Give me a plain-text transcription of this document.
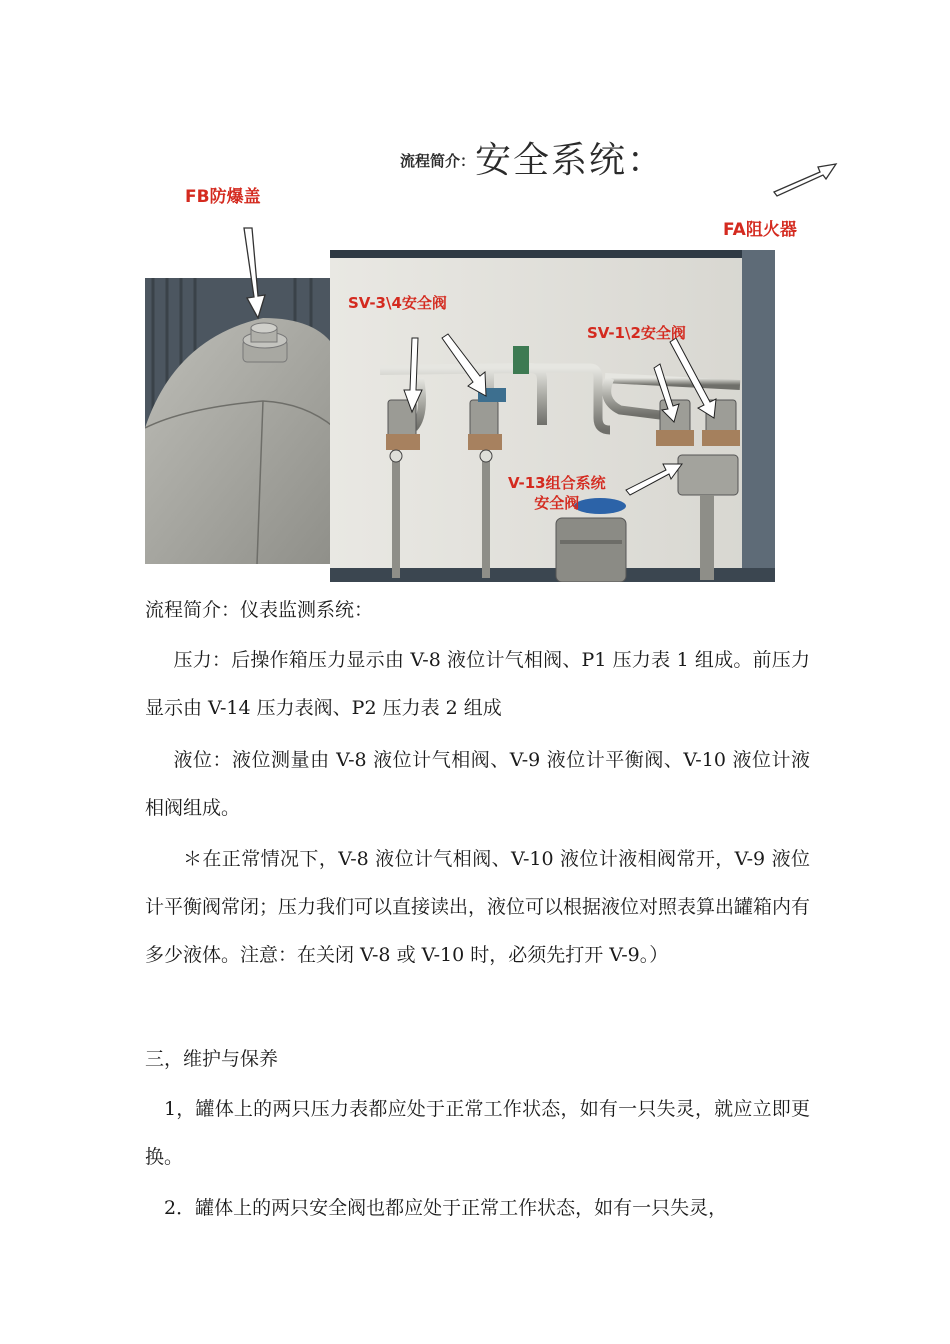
流程简介：安全系统：
FB防爆盖
FA阻火器
SV-3\4安全阀
SV-1\2安全阀
V-13组合系统
安全阀

流程简介：仪表监测系统：

压力：后操作箱压力显示由 V-8 液位计气相阀、P1 压力表 1 组成。前压力显示由 V-14 压力表阀、P2 压力表 2 组成

液位：液位测量由 V-8 液位计气相阀、V-9 液位计平衡阀、V-10 液位计液相阀组成。

＊在正常情况下，V-8 液位计气相阀、V-10 液位计液相阀常开，V-9 液位计平衡阀常闭；压力我们可以直接读出，液位可以根据液位对照表算出罐箱内有多少液体。注意：在关闭 V-8 或 V-10 时，必须先打开 V-9。）

三，维护与保养

1，罐体上的两只压力表都应处于正常工作状态，如有一只失灵，就应立即更换。

2．罐体上的两只安全阀也都应处于正常工作状态，如有一只失灵，
